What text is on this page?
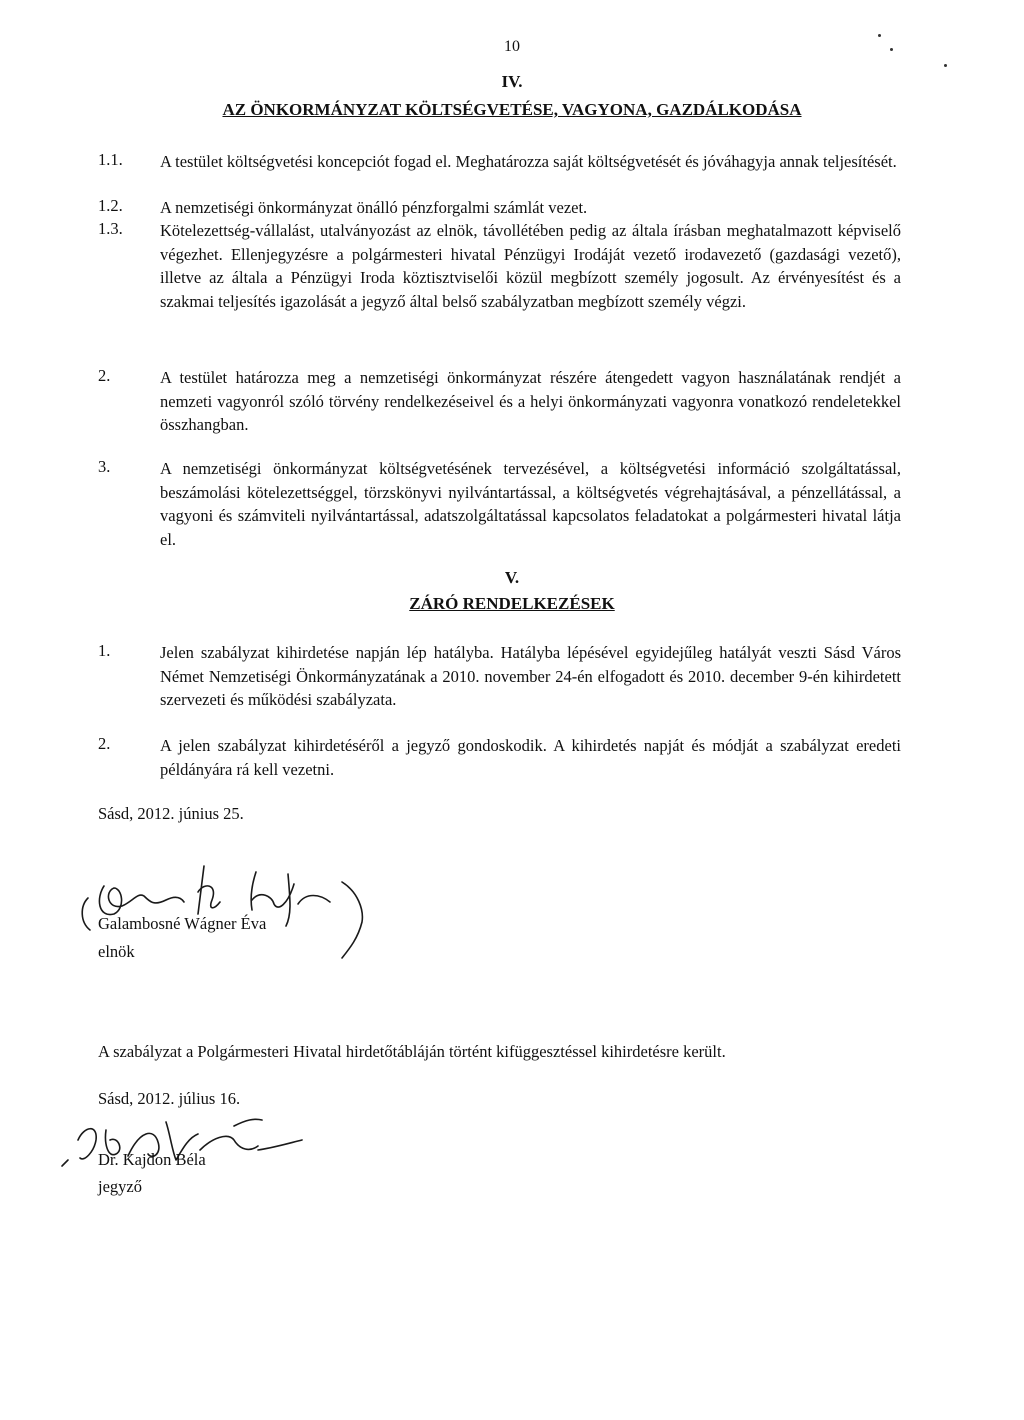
10
IV.
AZ ÖNKORMÁNYZAT KÖLTSÉGVETÉSE, VAGYONA, GAZDÁLKODÁSA
1.1. A testület költségvetési koncepciót fogad el. Meghatározza saját költségvetését és jóváhagyja annak teljesítését.
1.2. A nemzetiségi önkormányzat önálló pénzforgalmi számlát vezet.
1.3. Kötelezettség-vállalást, utalványozást az elnök, távollétében pedig az általa írásban meghatalmazott képviselő végezhet. Ellenjegyzésre a polgármesteri hivatal Pénzügyi Irodáját vezető irodavezető (gazdasági vezető), illetve az általa a Pénzügyi Iroda köztisztviselői közül megbízott személy jogosult. Az érvényesítést és a szakmai teljesítés igazolását a jegyző által belső szabályzatban megbízott személy végzi.
2.	A testület határozza meg a nemzetiségi önkormányzat részére átengedett vagyon használatának rendjét a nemzeti vagyonról szóló törvény rendelkezéseivel és a helyi önkormányzati vagyonra vonatkozó rendeletekkel összhangban.
3.	A nemzetiségi önkormányzat költségvetésének tervezésével, a költségvetési információ szolgáltatással, beszámolási kötelezettséggel, törzskönyvi nyilvántartással, a költségvetés végrehajtásával, a pénzellátással, a vagyoni és számviteli nyilvántartással, adatszolgáltatással kapcsolatos feladatokat a polgármesteri hivatal látja el.
V.
ZÁRÓ RENDELKEZÉSEK
1.	Jelen szabályzat kihirdetése napján lép hatályba. Hatályba lépésével egyidejűleg hatályát veszti Sásd Város Német Nemzetiségi Önkormányzatának a 2010. november 24-én elfogadott és 2010. december 9-én kihirdetett szervezeti és működési szabályzata.
2.	A jelen szabályzat kihirdetéséről a jegyző gondoskodik. A kihirdetés napját és módját a szabályzat eredeti példányára rá kell vezetni.
Sásd, 2012. június 25.
Galambosné Wágner Éva
elnök
A szabályzat a Polgármesteri Hivatal hirdetőtábláján történt kifüggesztéssel kihirdetésre került.
Sásd, 2012. július 16.
Dr. Kajdon Béla
jegyző
